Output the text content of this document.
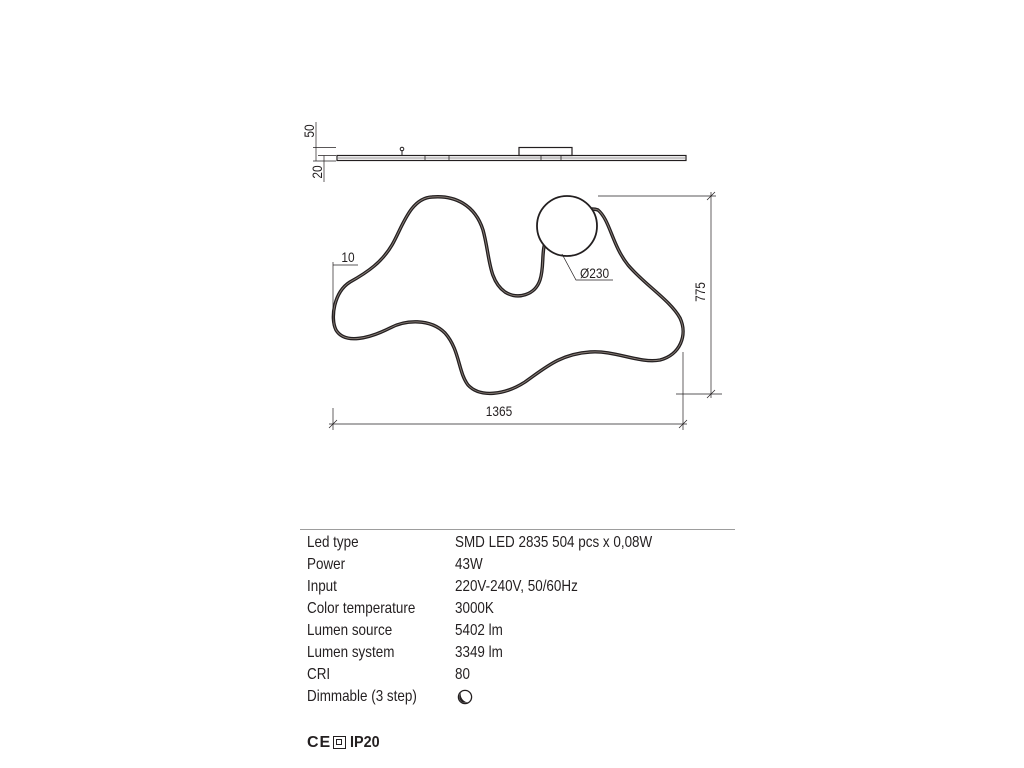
50
20
10
Ø230
775
1365
Led type	SMD LED 2835 504 pcs x 0,08W
Power	43W
Input	220V-240V, 50/60Hz
Color temperature	3000K
Lumen source	5402 lm
Lumen system	3349 lm
CRI	80
Dimmable (3 step)
CE IP20
